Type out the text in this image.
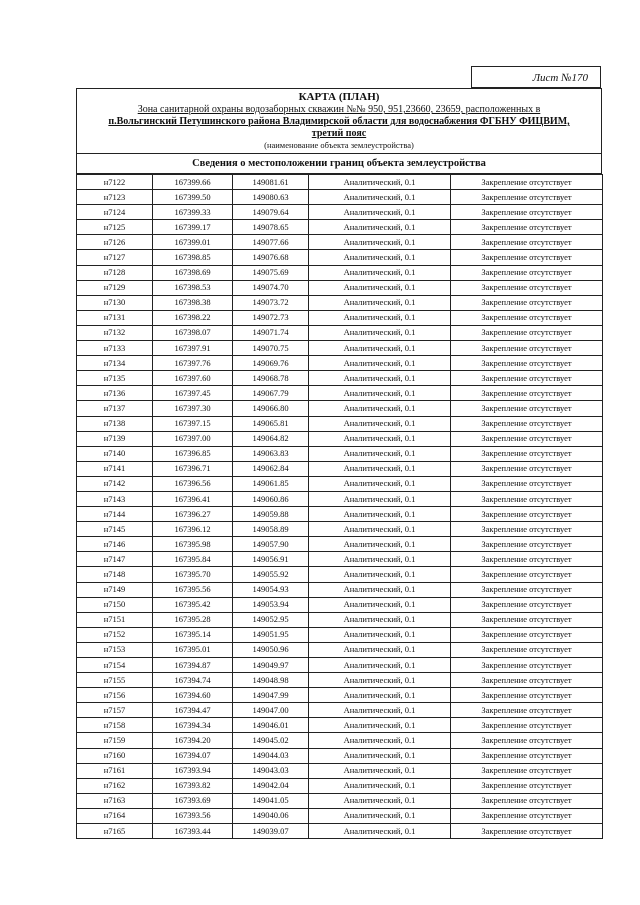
Лист №170
КАРТА (ПЛАН)
Зона санитарной охраны водозаборных скважин №№ 950, 951,23660, 23659, расположенных в
п.Вольгинский Петушинского района Владимирской области для водоснабжения ФГБНУ ФИЦВИМ,
третий пояс
(наименование объекта землеустройства)
Сведения о местоположении границ объекта землеустройства
н7122	167399.66	149081.61	Аналитический, 0.1	Закрепление отсутствует
н7123	167399.50	149080.63	Аналитический, 0.1	Закрепление отсутствует
н7124	167399.33	149079.64	Аналитический, 0.1	Закрепление отсутствует
н7125	167399.17	149078.65	Аналитический, 0.1	Закрепление отсутствует
н7126	167399.01	149077.66	Аналитический, 0.1	Закрепление отсутствует
н7127	167398.85	149076.68	Аналитический, 0.1	Закрепление отсутствует
н7128	167398.69	149075.69	Аналитический, 0.1	Закрепление отсутствует
н7129	167398.53	149074.70	Аналитический, 0.1	Закрепление отсутствует
н7130	167398.38	149073.72	Аналитический, 0.1	Закрепление отсутствует
н7131	167398.22	149072.73	Аналитический, 0.1	Закрепление отсутствует
н7132	167398.07	149071.74	Аналитический, 0.1	Закрепление отсутствует
н7133	167397.91	149070.75	Аналитический, 0.1	Закрепление отсутствует
н7134	167397.76	149069.76	Аналитический, 0.1	Закрепление отсутствует
н7135	167397.60	149068.78	Аналитический, 0.1	Закрепление отсутствует
н7136	167397.45	149067.79	Аналитический, 0.1	Закрепление отсутствует
н7137	167397.30	149066.80	Аналитический, 0.1	Закрепление отсутствует
н7138	167397.15	149065.81	Аналитический, 0.1	Закрепление отсутствует
н7139	167397.00	149064.82	Аналитический, 0.1	Закрепление отсутствует
н7140	167396.85	149063.83	Аналитический, 0.1	Закрепление отсутствует
н7141	167396.71	149062.84	Аналитический, 0.1	Закрепление отсутствует
н7142	167396.56	149061.85	Аналитический, 0.1	Закрепление отсутствует
н7143	167396.41	149060.86	Аналитический, 0.1	Закрепление отсутствует
н7144	167396.27	149059.88	Аналитический, 0.1	Закрепление отсутствует
н7145	167396.12	149058.89	Аналитический, 0.1	Закрепление отсутствует
н7146	167395.98	149057.90	Аналитический, 0.1	Закрепление отсутствует
н7147	167395.84	149056.91	Аналитический, 0.1	Закрепление отсутствует
н7148	167395.70	149055.92	Аналитический, 0.1	Закрепление отсутствует
н7149	167395.56	149054.93	Аналитический, 0.1	Закрепление отсутствует
н7150	167395.42	149053.94	Аналитический, 0.1	Закрепление отсутствует
н7151	167395.28	149052.95	Аналитический, 0.1	Закрепление отсутствует
н7152	167395.14	149051.95	Аналитический, 0.1	Закрепление отсутствует
н7153	167395.01	149050.96	Аналитический, 0.1	Закрепление отсутствует
н7154	167394.87	149049.97	Аналитический, 0.1	Закрепление отсутствует
н7155	167394.74	149048.98	Аналитический, 0.1	Закрепление отсутствует
н7156	167394.60	149047.99	Аналитический, 0.1	Закрепление отсутствует
н7157	167394.47	149047.00	Аналитический, 0.1	Закрепление отсутствует
н7158	167394.34	149046.01	Аналитический, 0.1	Закрепление отсутствует
н7159	167394.20	149045.02	Аналитический, 0.1	Закрепление отсутствует
н7160	167394.07	149044.03	Аналитический, 0.1	Закрепление отсутствует
н7161	167393.94	149043.03	Аналитический, 0.1	Закрепление отсутствует
н7162	167393.82	149042.04	Аналитический, 0.1	Закрепление отсутствует
н7163	167393.69	149041.05	Аналитический, 0.1	Закрепление отсутствует
н7164	167393.56	149040.06	Аналитический, 0.1	Закрепление отсутствует
н7165	167393.44	149039.07	Аналитический, 0.1	Закрепление отсутствует
